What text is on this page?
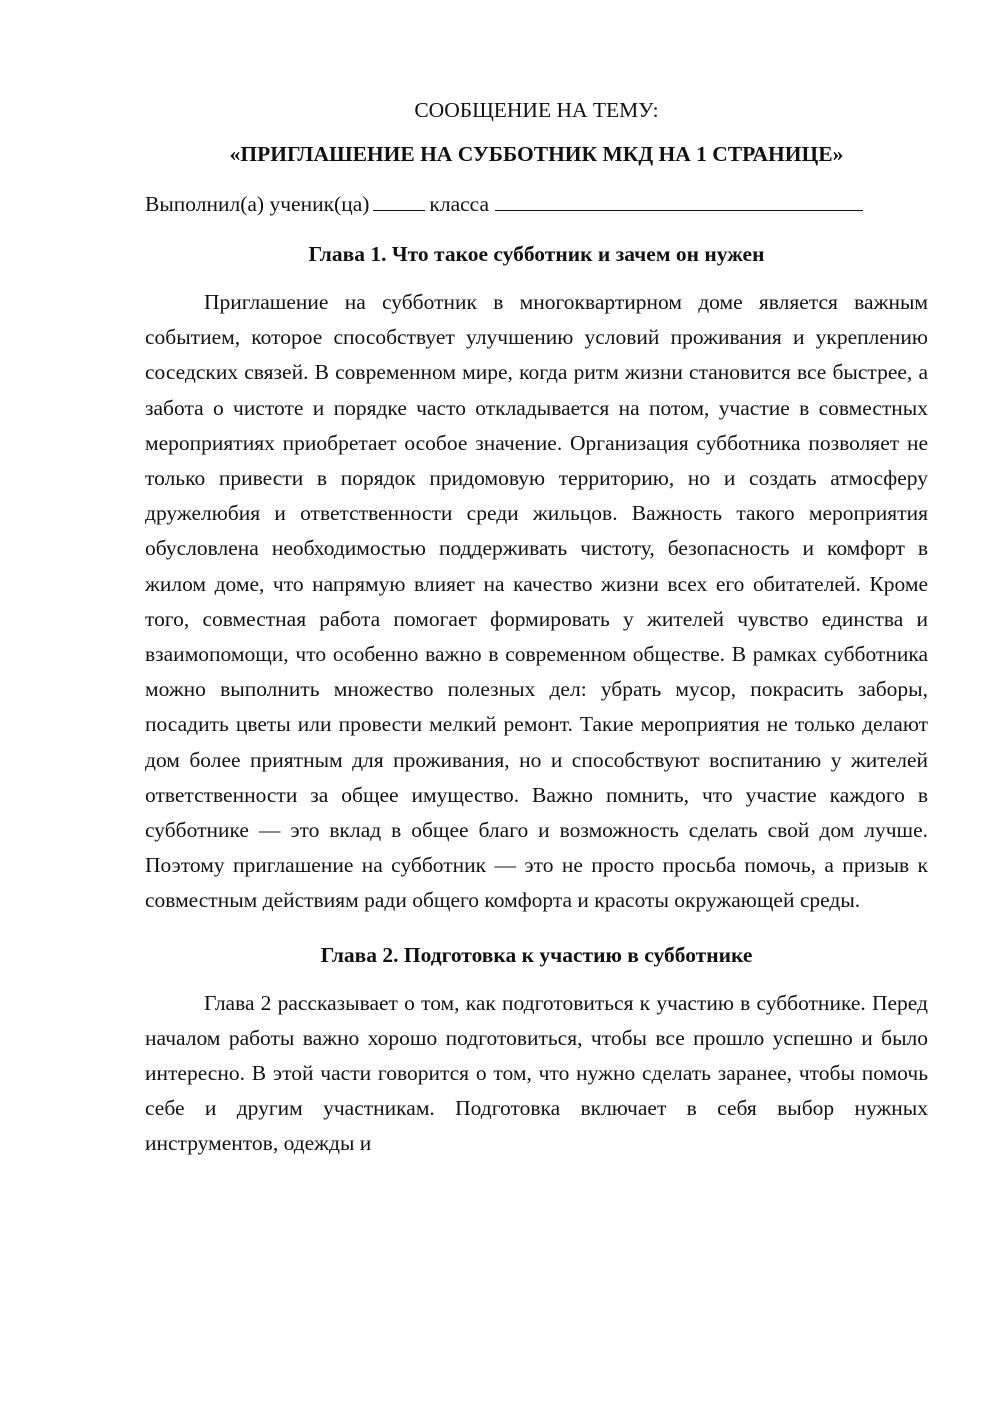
СООБЩЕНИЕ НА ТЕМУ:

«ПРИГЛАШЕНИЕ НА СУББОТНИК МКД НА 1 СТРАНИЦЕ»

Выполнил(а) ученик(ца)	класса

Глава 1. Что такое субботник и зачем он нужен

Приглашение на субботник в многоквартирном доме является важным событием, которое способствует улучшению условий проживания и укреплению соседских связей. В современном мире, когда ритм жизни становится все быстрее, а забота о чистоте и порядке часто откладывается на потом, участие в совместных мероприятиях приобретает особое значение. Организация субботника позволяет не только привести в порядок придомовую территорию, но и создать атмосферу дружелюбия и ответственности среди жильцов. Важность такого мероприятия обусловлена необходимостью поддерживать чистоту, безопасность и комфорт в жилом доме, что напрямую влияет на качество жизни всех его обитателей. Кроме того, совместная работа помогает формировать у жителей чувство единства и взаимопомощи, что особенно важно в современном обществе. В рамках субботника можно выполнить множество полезных дел: убрать мусор, покрасить заборы, посадить цветы или провести мелкий ремонт. Такие мероприятия не только делают дом более приятным для проживания, но и способствуют воспитанию у жителей ответственности за общее имущество. Важно помнить, что участие каждого в субботнике — это вклад в общее благо и возможность сделать свой дом лучше. Поэтому приглашение на субботник — это не просто просьба помочь, а призыв к совместным действиям ради общего комфорта и красоты окружающей среды.

Глава 2. Подготовка к участию в субботнике

Глава 2 рассказывает о том, как подготовиться к участию в субботнике. Перед началом работы важно хорошо подготовиться, чтобы все прошло успешно и было интересно. В этой части говорится о том, что нужно сделать заранее, чтобы помочь себе и другим участникам. Подготовка включает в себя выбор нужных инструментов, одежды и
